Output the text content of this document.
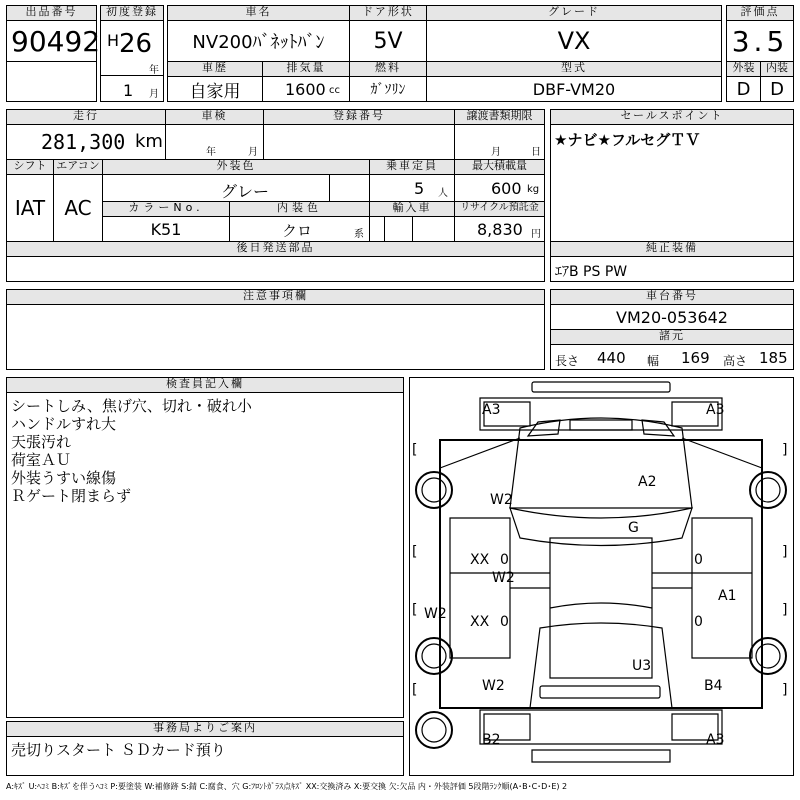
出品番号
90492
初度登録
H 26
年
1 月
車名
NV200ﾊﾞﾈｯﾄﾊﾞﾝ
ドア形状
5V
グレード
VX
評価点
3.5
車歴
自家用
排気量
1600 cc
燃料
ｶﾞｿﾘﾝ
型式
DBF-VM20
外装
D
内装
D
走行
281,300 km
車検
年	月
登録番号	譲渡書類期限
月	日
セールスポイント
★ナビ★フルセグＴＶ
シフト
IAT
エアコン
AC
外装色
グレー
乗車定員
5 人
最大積載量
600 kg
カラーNo.
K51
内装色
クロ	系
輸入車	リサイクル預託金
8,830 円
後日発送部品	純正装備
ｴｱB PS PW
注意事項欄	車台番号
VM20-053642
諸元
長さ 440 幅 169 高さ 185
検査員記入欄
シートしみ、焦げ穴、切れ・破れ小
ハンドルすれ大
天張汚れ
荷室ＡＵ
外装うすい線傷
Ｒゲート閉まらず
事務局よりご案内
売切りスタート ＳＤカード預り
A3	A3
[	]
A2
W2
G
[	]
XX 0	0
W2
A1
W2
[	]
XX 0	0
U3
[	]
W2	B4
B2	A3
A:ｷｽﾞ U:ﾍｺﾐ B:ｷｽﾞを伴うﾍｺﾐ P:要塗装 W:補修跡 S:錆 C:腐食、穴 G:ﾌﾛﾝﾄｶﾞﾗｽ点ｷｽﾞ XX:交換済み X:要交換 欠:欠品 内・外装評価 5段階ﾗﾝｸ順(A･B･C･D･E) 2
